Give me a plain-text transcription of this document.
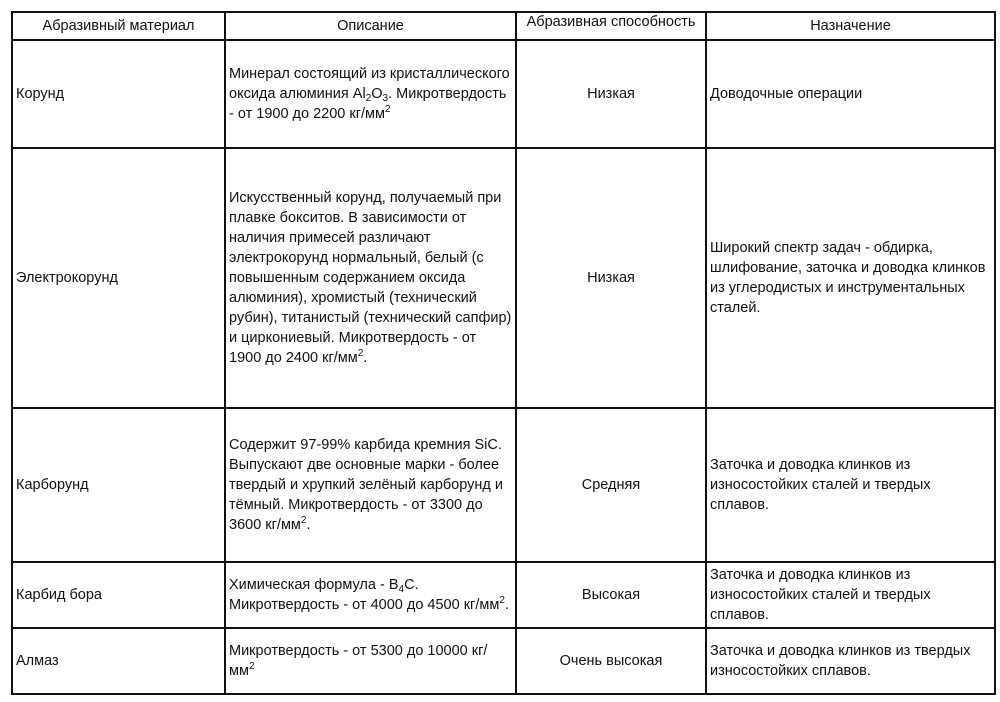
Абразивный материал	Описание	Абразивная способность	Назначение
Корунд	Минерал состоящий из кристаллического оксида алюминия $Al_2O_3$. Микротвердость - от 1900 до 2200 $кг/мм^2$	Низкая	Доводочные операции
Электрокорунд	Искусственный корунд, получаемый при плавке бокситов. В зависимости от наличия примесей различают электрокорунд нормальный, белый (с повышенным содержанием оксида алюминия), хромистый (технический рубин), титанистый (технический сапфир) и циркониевый. Микротвердость - от 1900 до 2400 $кг/мм^2$.	Низкая	Широкий спектр задач - обдирка, шлифование, заточка и доводка клинков из углеродистых и инструментальных сталей.
Карборунд	Содержит 97-99% карбида кремния SiC. Выпускают две основные марки - более твердый и хрупкий зелёный карборунд и тёмный. Микротвердость - от 3300 до 3600 $кг/мм^2$.	Средняя	Заточка и доводка клинков из износостойких сталей и твердых сплавов.
Карбид бора	Химическая формула - $B_4C$. Микротвердость - от 4000 до 4500 $кг/мм^2$.	Высокая	Заточка и доводка клинков из износостойких сталей и твердых сплавов.
Алмаз	Микротвердость - от 5300 до 10000 $кг/мм^2$	Очень высокая	Заточка и доводка клинков из твердых износостойких сплавов.
